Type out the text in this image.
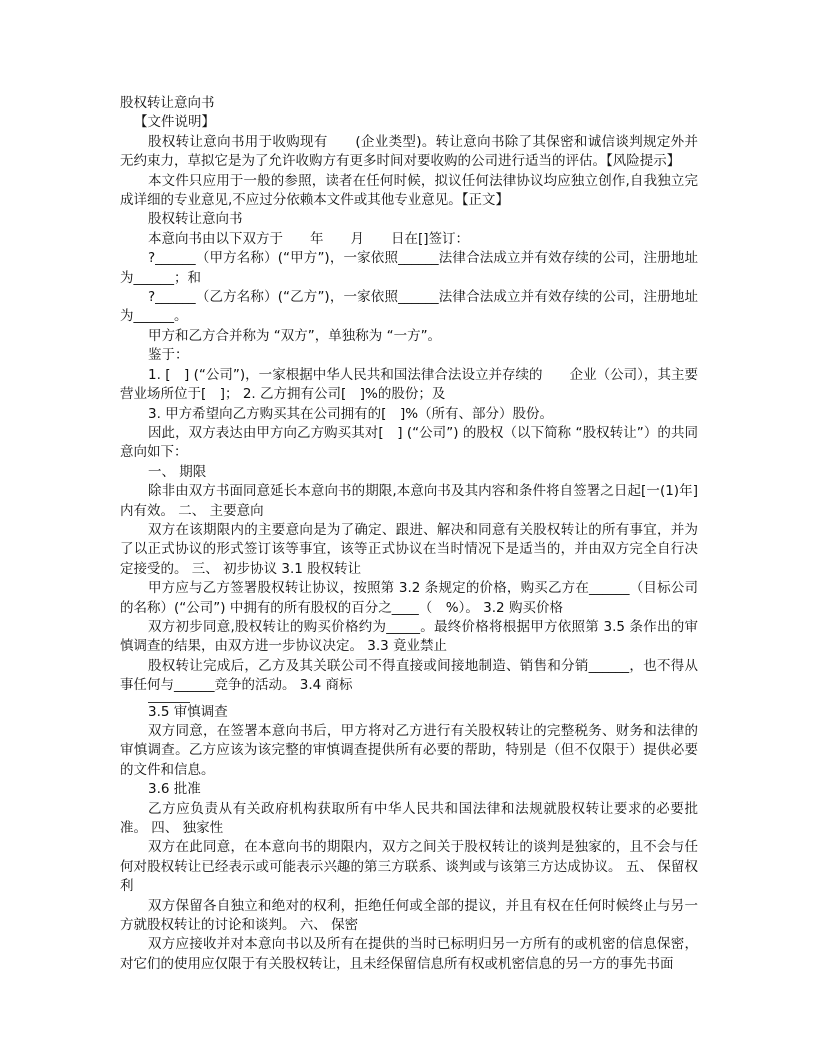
股权转让意向书

【文件说明】

股权转让意向书用于收购现有　　(企业类型)。转让意向书除了其保密和诚信谈判规定外并无约束力，草拟它是为了允许收购方有更多时间对要收购的公司进行适当的评估。【风险提示】

本文件只应用于一般的参照，读者在任何时候，拟议任何法律协议均应独立创作,自我独立完成详细的专业意见,不应过分依赖本文件或其他专业意见。【正文】

股权转让意向书

本意向书由以下双方于　　年　　月　　日在[]签订：

?______（甲方名称）(“甲方”)，一家依照______法律合法成立并有效存续的公司，注册地址为______；和

?______（乙方名称）(“乙方”)，一家依照______法律合法成立并有效存续的公司，注册地址为______。

甲方和乙方合并称为 “双方”，单独称为 “一方”。

鉴于：

1. [　] (“公司”)，一家根据中华人民共和国法律合法设立并存续的　　企业（公司），其主要营业场所位于[　]； 2. 乙方拥有公司[　]%的股份；及

3. 甲方希望向乙方购买其在公司拥有的[　]%（所有、部分）股份。

因此，双方表达由甲方向乙方购买其对[　] (“公司”) 的股权（以下简称 “股权转让”）的共同意向如下：

一、 期限

除非由双方书面同意延长本意向书的期限,本意向书及其内容和条件将自签署之日起[一(1)年]内有效。 二、 主要意向

双方在该期限内的主要意向是为了确定、跟进、解决和同意有关股权转让的所有事宜，并为了以正式协议的形式签订该等事宜，该等正式协议在当时情况下是适当的，并由双方完全自行决定接受的。 三、 初步协议 3.1 股权转让

甲方应与乙方签署股权转让协议，按照第 3.2 条规定的价格，购买乙方在______（目标公司的名称）(“公司”) 中拥有的所有股权的百分之____（　%）。 3.2 购买价格

双方初步同意,股权转让的购买价格约为_____。最终价格将根据甲方依照第 3.5 条作出的审慎调查的结果，由双方进一步协议决定。 3.3 竟业禁止

股权转让完成后，乙方及其关联公司不得直接或间接地制造、销售和分销______，也不得从事任何与______竞争的活动。 3.4 商标

3.5 审慎调查

双方同意，在签署本意向书后，甲方将对乙方进行有关股权转让的完整税务、财务和法律的审慎调查。乙方应该为该完整的审慎调查提供所有必要的帮助，特别是（但不仅限于）提供必要的文件和信息。

3.6 批准

乙方应负责从有关政府机构获取所有中华人民共和国法律和法规就股权转让要求的必要批准。 四、 独家性

双方在此同意，在本意向书的期限内，双方之间关于股权转让的谈判是独家的，且不会与任何对股权转让已经表示或可能表示兴趣的第三方联系、谈判或与该第三方达成协议。 五、 保留权利

双方保留各自独立和绝对的权利，拒绝任何或全部的提议，并且有权在任何时候终止与另一方就股权转让的讨论和谈判。 六、 保密

双方应接收并对本意向书以及所有在提供的当时已标明归另一方所有的或机密的信息保密，对它们的使用应仅限于有关股权转让，且未经保留信息所有权或机密信息的另一方的事先书面
